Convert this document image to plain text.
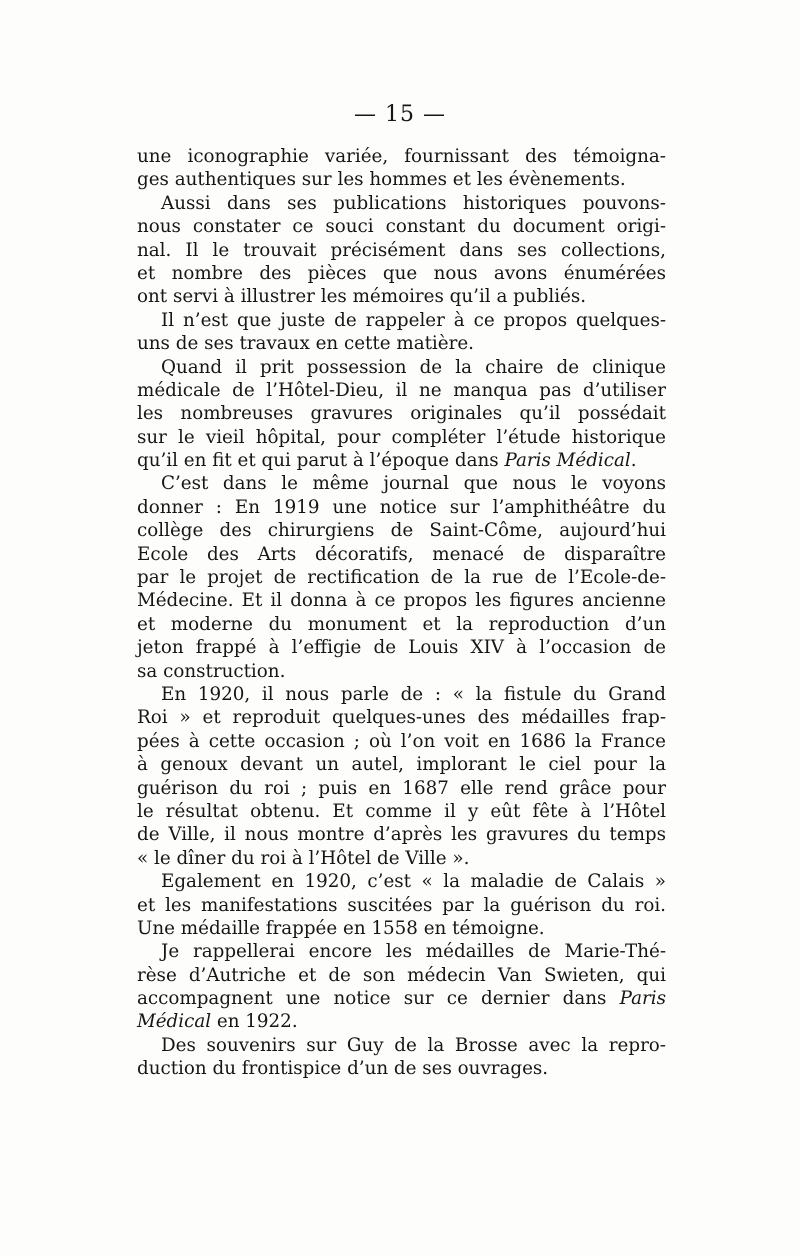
— 15 —
une iconographie variée, fournissant des témoigna-
ges authentiques sur les hommes et les évènements.
Aussi dans ses publications historiques pouvons-
nous constater ce souci constant du document origi-
nal. Il le trouvait précisément dans ses collections,
et nombre des pièces que nous avons énumérées
ont servi à illustrer les mémoires qu’il a publiés.
Il n’est que juste de rappeler à ce propos quelques-
uns de ses travaux en cette matière.
Quand il prit possession de la chaire de clinique
médicale de l’Hôtel-Dieu, il ne manqua pas d’utiliser
les nombreuses gravures originales qu’il possédait
sur le vieil hôpital, pour compléter l’étude historique
qu’il en fit et qui parut à l’époque dans Paris Médical.
C’est dans le même journal que nous le voyons
donner : En 1919 une notice sur l’amphithéâtre du
collège des chirurgiens de Saint-Côme, aujourd’hui
Ecole des Arts décoratifs, menacé de disparaître
par le projet de rectification de la rue de l’Ecole-de-
Médecine. Et il donna à ce propos les figures ancienne
et moderne du monument et la reproduction d’un
jeton frappé à l’effigie de Louis XIV à l’occasion de
sa construction.
En 1920, il nous parle de : « la fistule du Grand
Roi » et reproduit quelques-unes des médailles frap-
pées à cette occasion ; où l’on voit en 1686 la France
à genoux devant un autel, implorant le ciel pour la
guérison du roi ; puis en 1687 elle rend grâce pour
le résultat obtenu. Et comme il y eût fête à l’Hôtel
de Ville, il nous montre d’après les gravures du temps
« le dîner du roi à l’Hôtel de Ville ».
Egalement en 1920, c’est « la maladie de Calais »
et les manifestations suscitées par la guérison du roi.
Une médaille frappée en 1558 en témoigne.
Je rappellerai encore les médailles de Marie-Thé-
rèse d’Autriche et de son médecin Van Swieten, qui
accompagnent une notice sur ce dernier dans Paris
Médical en 1922.
Des souvenirs sur Guy de la Brosse avec la repro-
duction du frontispice d’un de ses ouvrages.
